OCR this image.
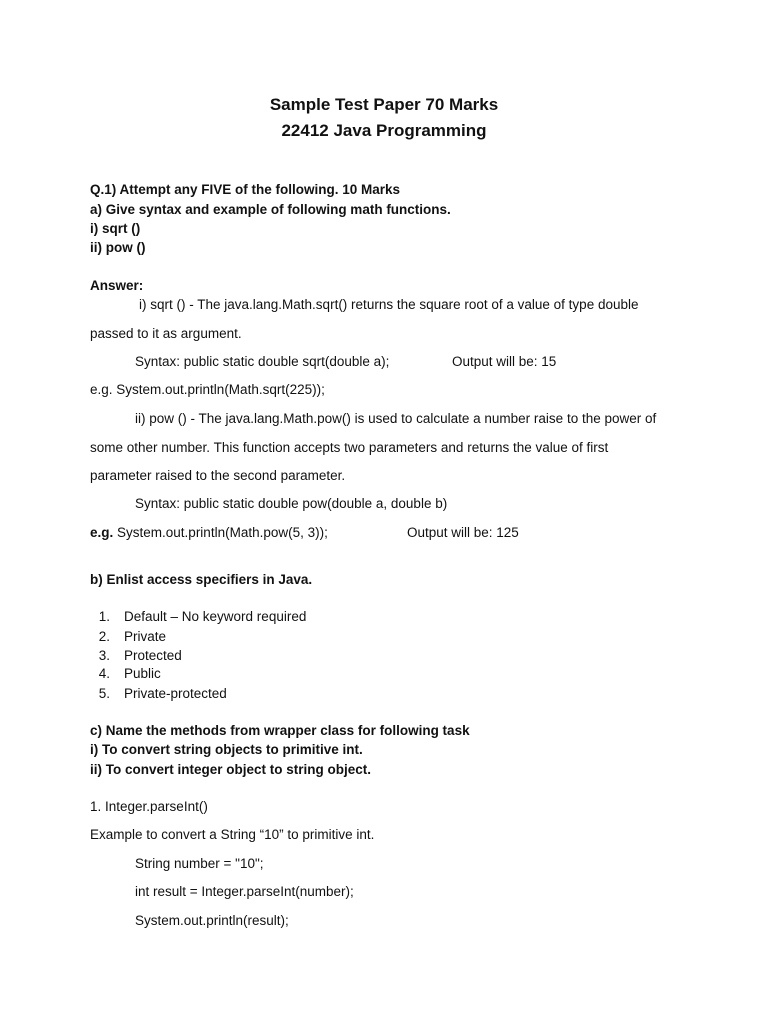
Sample Test Paper 70 Marks
22412 Java Programming
Q.1) Attempt any FIVE of the following. 10 Marks
a) Give syntax and example of following math functions.
i) sqrt ()
ii) pow ()
Answer:
i) sqrt () - The java.lang.Math.sqrt() returns the square root of a value of type double
passed to it as argument.
Syntax: public static double sqrt(double a);	Output will be: 15
e.g. System.out.println(Math.sqrt(225));
ii) pow () - The java.lang.Math.pow() is used to calculate a number raise to the power of
some other number. This function accepts two parameters and returns the value of first
parameter raised to the second parameter.
Syntax: public static double pow(double a, double b)
e.g. System.out.println(Math.pow(5, 3));	Output will be: 125
b) Enlist access specifiers in Java.
1. Default – No keyword required
2. Private
3. Protected
4. Public
5. Private-protected
c) Name the methods from wrapper class for following task
i) To convert string objects to primitive int.
ii) To convert integer object to string object.
1. Integer.parseInt()
Example to convert a String “10” to primitive int.
String number = "10";
int result = Integer.parseInt(number);
System.out.println(result);
